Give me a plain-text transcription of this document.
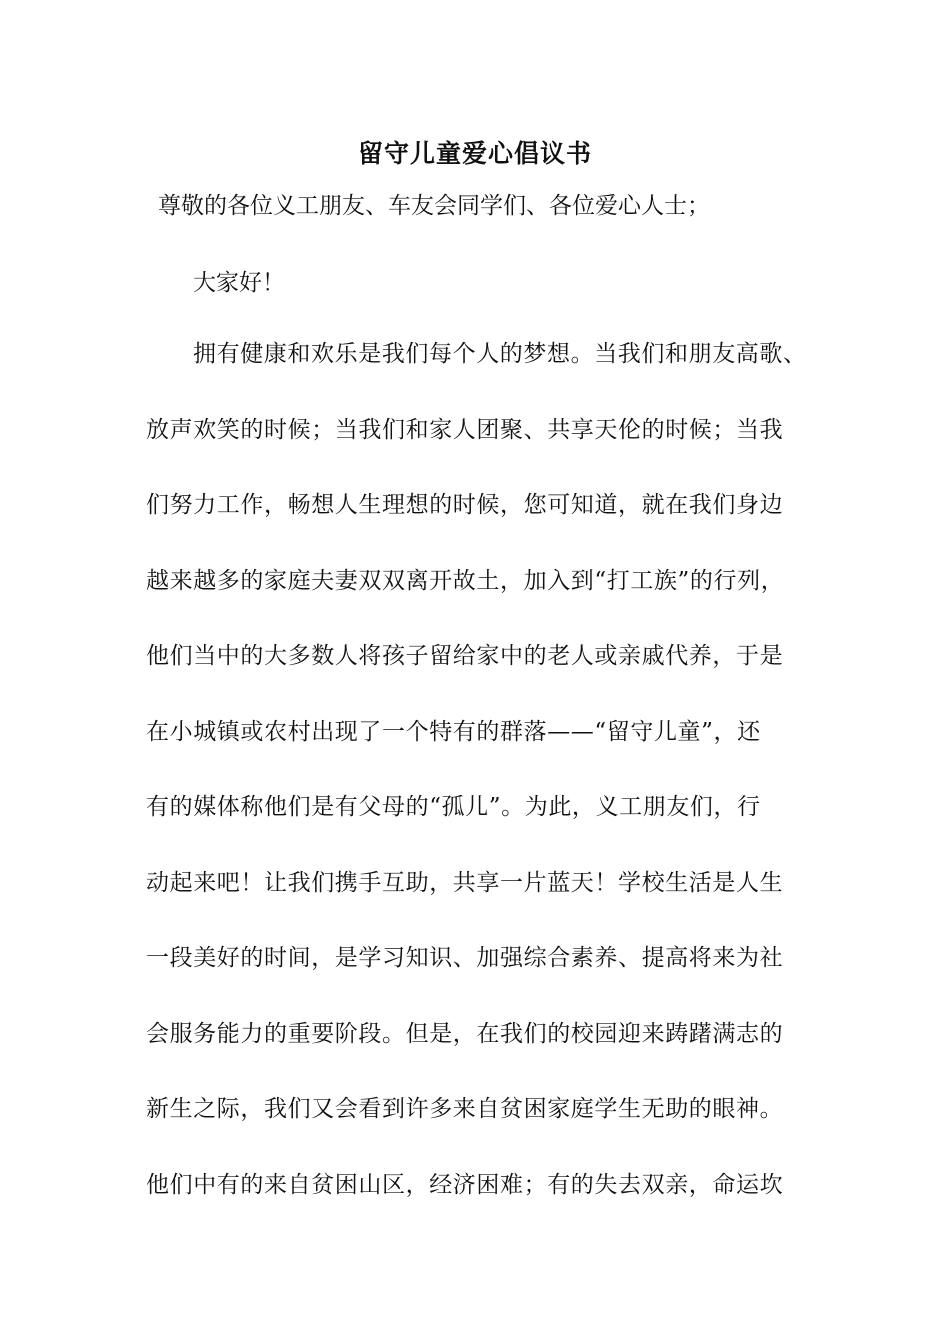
留守儿童爱心倡议书
尊敬的各位义工朋友、车友会同学们、各位爱心人士；
大家好！
拥有健康和欢乐是我们每个人的梦想。当我们和朋友高歌、
放声欢笑的时候；当我们和家人团聚、共享天伦的时候；当我
们努力工作，畅想人生理想的时候，您可知道，就在我们身边
越来越多的家庭夫妻双双离开故土，加入到“打工族”的行列，
他们当中的大多数人将孩子留给家中的老人或亲戚代养，于是
在小城镇或农村出现了一个特有的群落——“留守儿童”，还
有的媒体称他们是有父母的“孤儿”。为此，义工朋友们，行
动起来吧！让我们携手互助，共享一片蓝天！学校生活是人生
一段美好的时间，是学习知识、加强综合素养、提高将来为社
会服务能力的重要阶段。但是，在我们的校园迎来踌躇满志的
新生之际，我们又会看到许多来自贫困家庭学生无助的眼神。
他们中有的来自贫困山区，经济困难；有的失去双亲，命运坎
